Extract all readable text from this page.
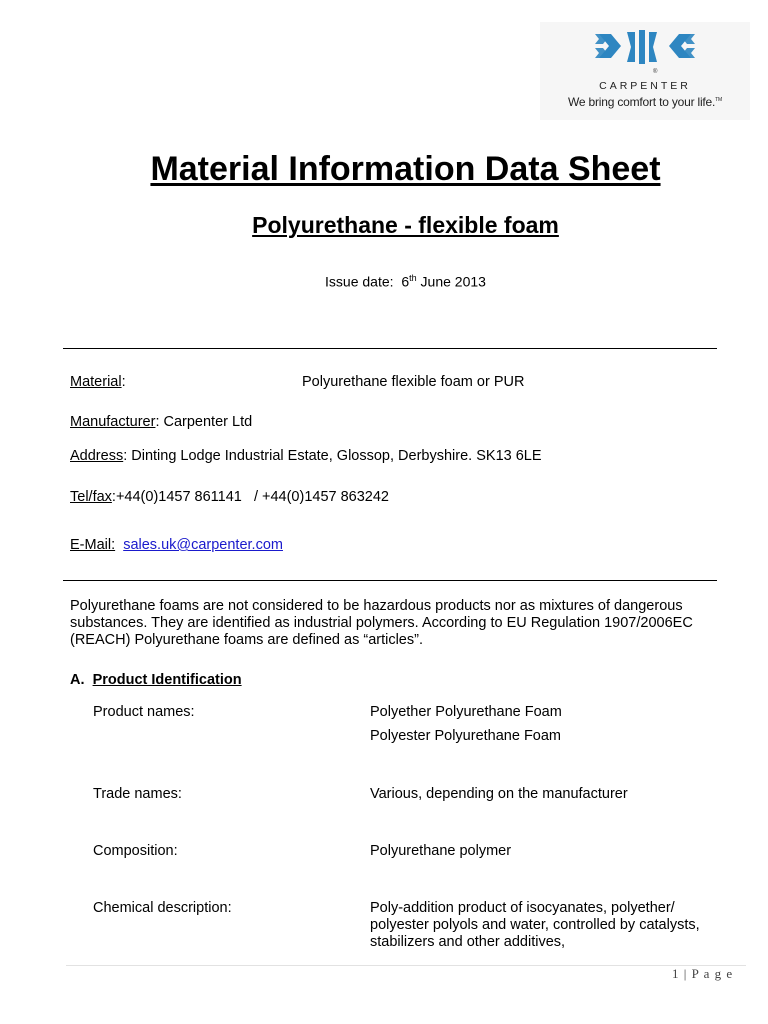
®
CARPENTER
We bring comfort to your life.™
Material Information Data Sheet
Polyurethane - flexible foam
Issue date: 6th June 2013
Material:	Polyurethane flexible foam or PUR
Manufacturer: Carpenter Ltd
Address: Dinting Lodge Industrial Estate, Glossop, Derbyshire. SK13 6LE
Tel/fax:+44(0)1457 861141   / +44(0)1457 863242
E-Mail: sales.uk@carpenter.com
Polyurethane foams are not considered to be hazardous products nor as mixtures of dangerous substances. They are identified as industrial polymers. According to EU Regulation 1907/2006EC (REACH) Polyurethane foams are defined as “articles”.
A. Product Identification
Product names:	Polyether Polyurethane Foam
Polyester Polyurethane Foam
Trade names:	Various, depending on the manufacturer
Composition:	Polyurethane polymer
Chemical description:	Poly-addition product of isocyanates, polyether/ polyester polyols and water, controlled by catalysts, stabilizers and other additives,
1 | P a g e
